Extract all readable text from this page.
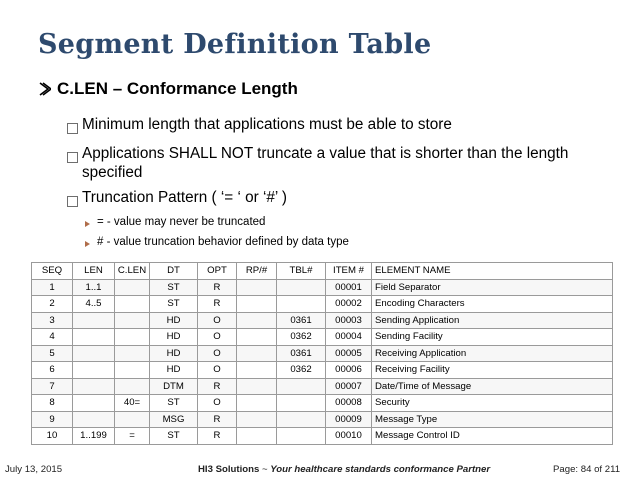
Segment Definition Table
C.LEN – Conformance Length
Minimum length that applications must be able to store
Applications SHALL NOT truncate a value that is shorter than the length
specified
Truncation Pattern ( ‘= ‘ or ‘#’ )
= - value may never be truncated
# - value truncation behavior defined by data type
SEQ	LEN	C.LEN	DT	OPT	RP/#	TBL#	ITEM #	ELEMENT NAME
1	1..1		ST	R			00001	Field Separator
2	4..5		ST	R			00002	Encoding Characters
3			HD	O		0361	00003	Sending Application
4			HD	O		0362	00004	Sending Facility
5			HD	O		0361	00005	Receiving Application
6			HD	O		0362	00006	Receiving Facility
7			DTM	R			00007	Date/Time of Message
8		40=	ST	O			00008	Security
9			MSG	R			00009	Message Type
10	1..199	=	ST	R			00010	Message Control ID
July 13, 2015	HI3 Solutions ~ Your healthcare standards conformance Partner	Page: 84 of 211
